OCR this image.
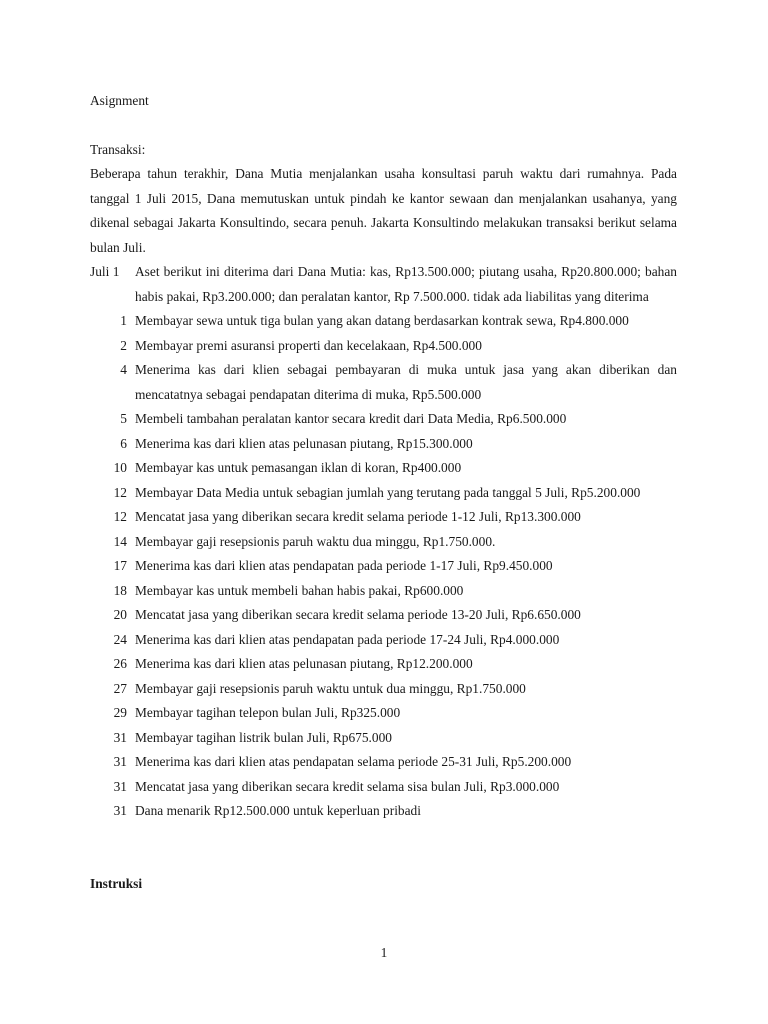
Asignment
Transaksi:
Beberapa tahun terakhir, Dana Mutia menjalankan usaha konsultasi paruh waktu dari rumahnya. Pada tanggal 1 Juli 2015, Dana memutuskan untuk pindah ke kantor sewaan dan menjalankan usahanya, yang dikenal sebagai Jakarta Konsultindo, secara penuh. Jakarta Konsultindo melakukan transaksi berikut selama bulan Juli.
Juli 1	Aset berikut ini diterima dari Dana Mutia: kas, Rp13.500.000; piutang usaha, Rp20.800.000; bahan habis pakai, Rp3.200.000; dan peralatan kantor, Rp 7.500.000. tidak ada liabilitas yang diterima
1 Membayar sewa untuk tiga bulan yang akan datang berdasarkan kontrak sewa, Rp4.800.000
2 Membayar premi asuransi properti dan kecelakaan, Rp4.500.000
4 Menerima kas dari klien sebagai pembayaran di muka untuk jasa yang akan diberikan dan mencatatnya sebagai pendapatan diterima di muka, Rp5.500.000
5 Membeli tambahan peralatan kantor secara kredit dari Data Media, Rp6.500.000
6 Menerima kas dari klien atas pelunasan piutang, Rp15.300.000
10 Membayar kas untuk pemasangan iklan di koran, Rp400.000
12 Membayar Data Media untuk sebagian jumlah yang terutang pada tanggal 5 Juli, Rp5.200.000
12 Mencatat jasa yang diberikan secara kredit selama periode 1-12 Juli, Rp13.300.000
14 Membayar gaji resepsionis paruh waktu dua minggu, Rp1.750.000.
17 Menerima kas dari klien atas pendapatan pada periode 1-17 Juli, Rp9.450.000
18 Membayar kas untuk membeli bahan habis pakai, Rp600.000
20 Mencatat jasa yang diberikan secara kredit selama periode 13-20 Juli, Rp6.650.000
24 Menerima kas dari klien atas pendapatan pada periode 17-24 Juli, Rp4.000.000
26 Menerima kas dari klien atas pelunasan piutang, Rp12.200.000
27 Membayar gaji resepsionis paruh waktu untuk dua minggu, Rp1.750.000
29 Membayar tagihan telepon bulan Juli, Rp325.000
31 Membayar tagihan listrik bulan Juli, Rp675.000
31 Menerima kas dari klien atas pendapatan selama periode 25-31 Juli, Rp5.200.000
31 Mencatat jasa yang diberikan secara kredit selama sisa bulan Juli, Rp3.000.000
31 Dana menarik Rp12.500.000 untuk keperluan pribadi
Instruksi
1
